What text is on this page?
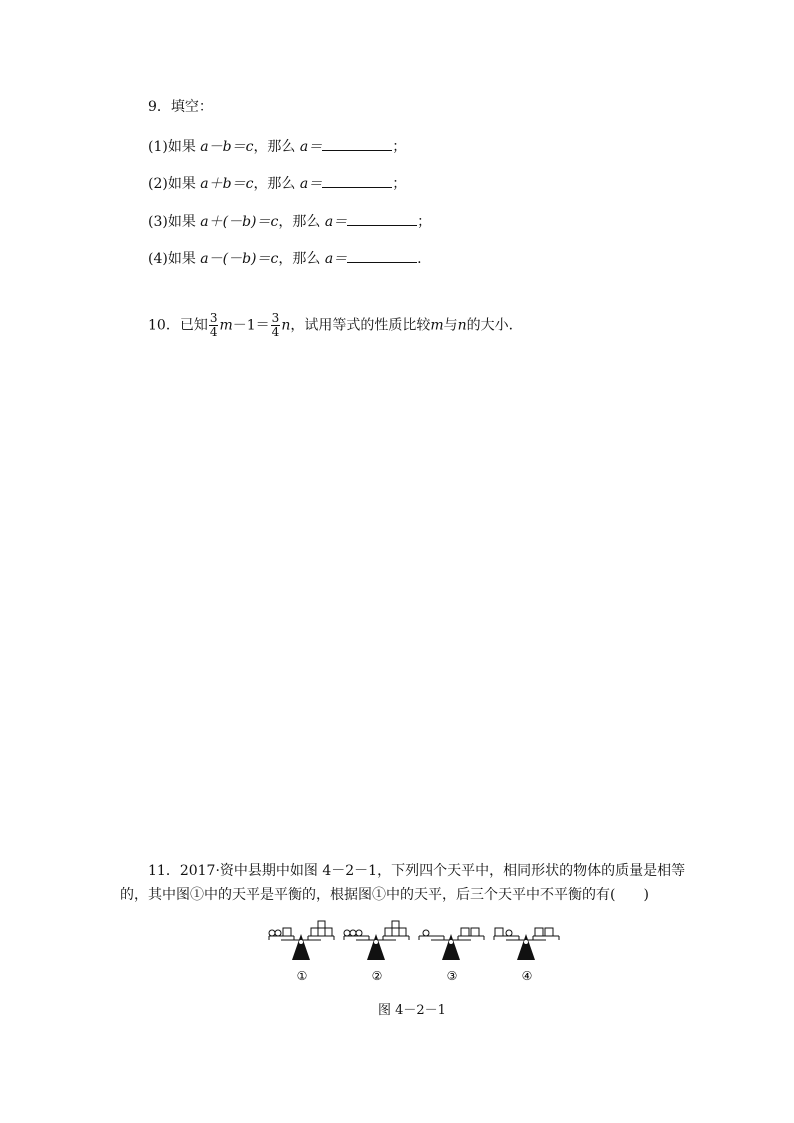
9．填空：
(1)如果 a－b＝c，那么 a＝	；
(2)如果 a＋b＝c，那么 a＝	；
(3)如果 a＋(－b)＝c，那么 a＝	；
(4)如果 a－(－b)＝c，那么 a＝	.
10．已知 $\frac{3}{4} m-1= \frac{3}{4}$ n，试用等式的性质比较m与n的大小．
11．2017·资中县期中如图 4－2－1，下列四个天平中，相同形状的物体的质量是相等
的，其中图①中的天平是平衡的，根据图①中的天平，后三个天平中不平衡的有(　　)
①	②	③	④
图 4－2－1
